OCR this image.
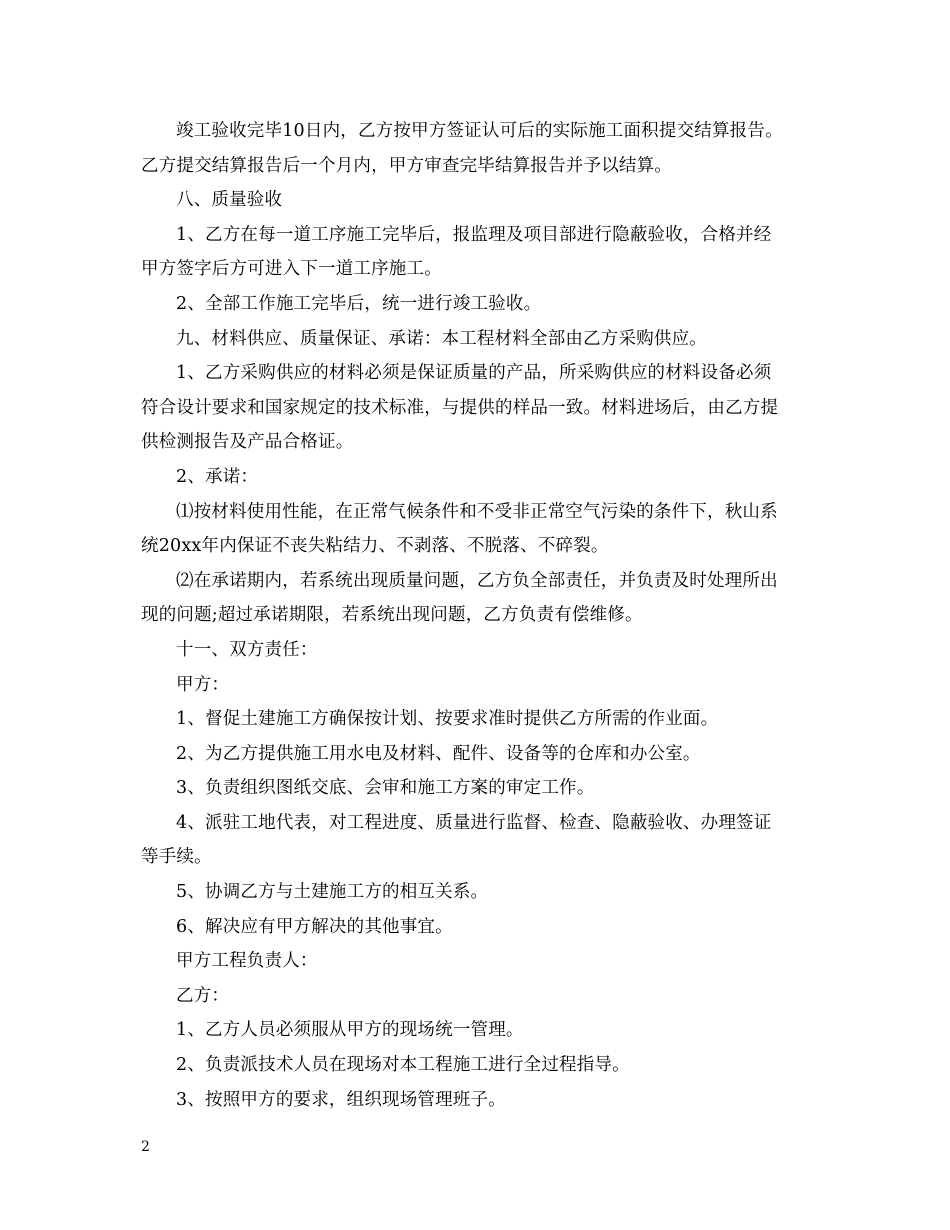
竣工验收完毕10日内，乙方按甲方签证认可后的实际施工面积提交结算报告。

乙方提交结算报告后一个月内，甲方审查完毕结算报告并予以结算。

八、质量验收

1、乙方在每一道工序施工完毕后，报监理及项目部进行隐蔽验收，合格并经

甲方签字后方可进入下一道工序施工。

2、全部工作施工完毕后，统一进行竣工验收。

九、材料供应、质量保证、承诺：本工程材料全部由乙方采购供应。

1、乙方采购供应的材料必须是保证质量的产品，所采购供应的材料设备必须

符合设计要求和国家规定的技术标准，与提供的样品一致。材料进场后，由乙方提

供检测报告及产品合格证。

2、承诺：

⑴按材料使用性能，在正常气候条件和不受非正常空气污染的条件下，秋山系

统20xx年内保证不丧失粘结力、不剥落、不脱落、不碎裂。

⑵在承诺期内，若系统出现质量问题，乙方负全部责任，并负责及时处理所出

现的问题;超过承诺期限，若系统出现问题，乙方负责有偿维修。

十一、双方责任：

甲方：

1、督促土建施工方确保按计划、按要求准时提供乙方所需的作业面。

2、为乙方提供施工用水电及材料、配件、设备等的仓库和办公室。

3、负责组织图纸交底、会审和施工方案的审定工作。

4、派驻工地代表，对工程进度、质量进行监督、检查、隐蔽验收、办理签证

等手续。

5、协调乙方与土建施工方的相互关系。

6、解决应有甲方解决的其他事宜。

甲方工程负责人：

乙方：

1、乙方人员必须服从甲方的现场统一管理。

2、负责派技术人员在现场对本工程施工进行全过程指导。

3、按照甲方的要求，组织现场管理班子。

2
